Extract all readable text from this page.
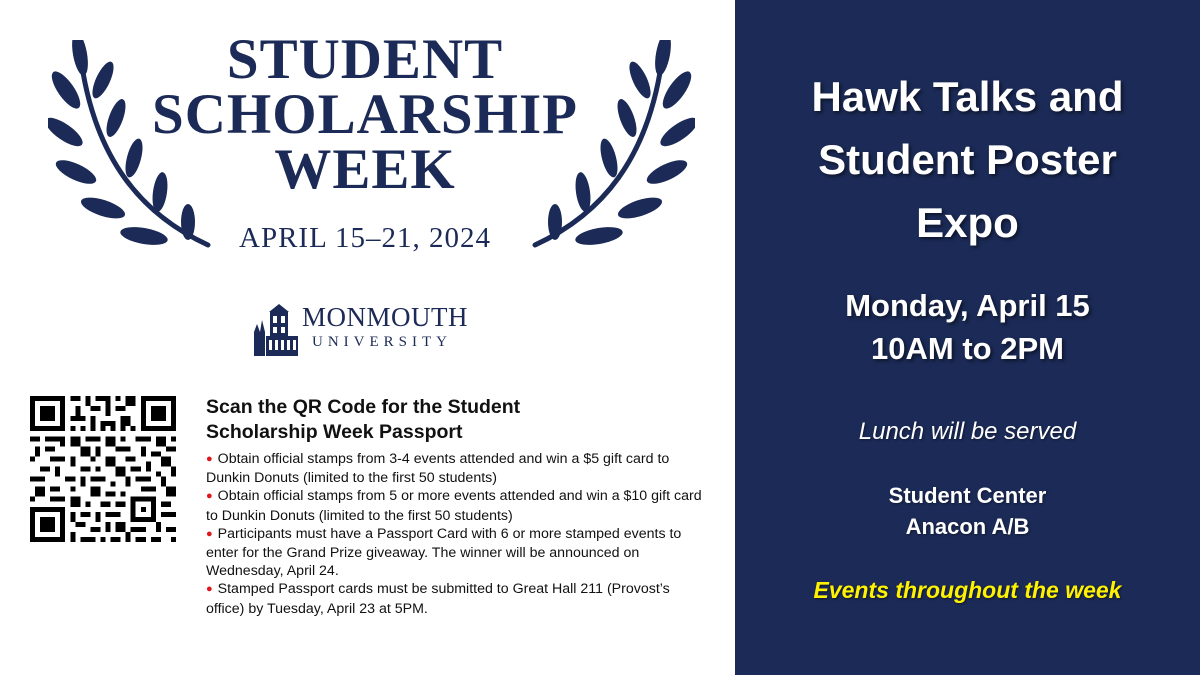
STUDENT
SCHOLARSHIP
WEEK
APRIL 15–21, 2024
MONMOUTH
UNIVERSITY
Scan the QR Code for the Student
Scholarship Week Passport
● Obtain official stamps from 3-4 events attended and win a $5 gift card to Dunkin Donuts (limited to the first 50 students)
● Obtain official stamps from 5 or more events attended and win a $10 gift card to Dunkin Donuts (limited to the first 50 students)
● Participants must have a Passport Card with 6 or more stamped events to enter for the Grand Prize giveaway. The winner will be announced on Wednesday, April 24.
● Stamped Passport cards must be submitted to Great Hall 211 (Provost’s office) by Tuesday, April 23 at 5PM.
Hawk Talks and
Student Poster
Expo
Monday, April 15
10AM to 2PM
Lunch will be served
Student Center
Anacon A/B
Events throughout the week
